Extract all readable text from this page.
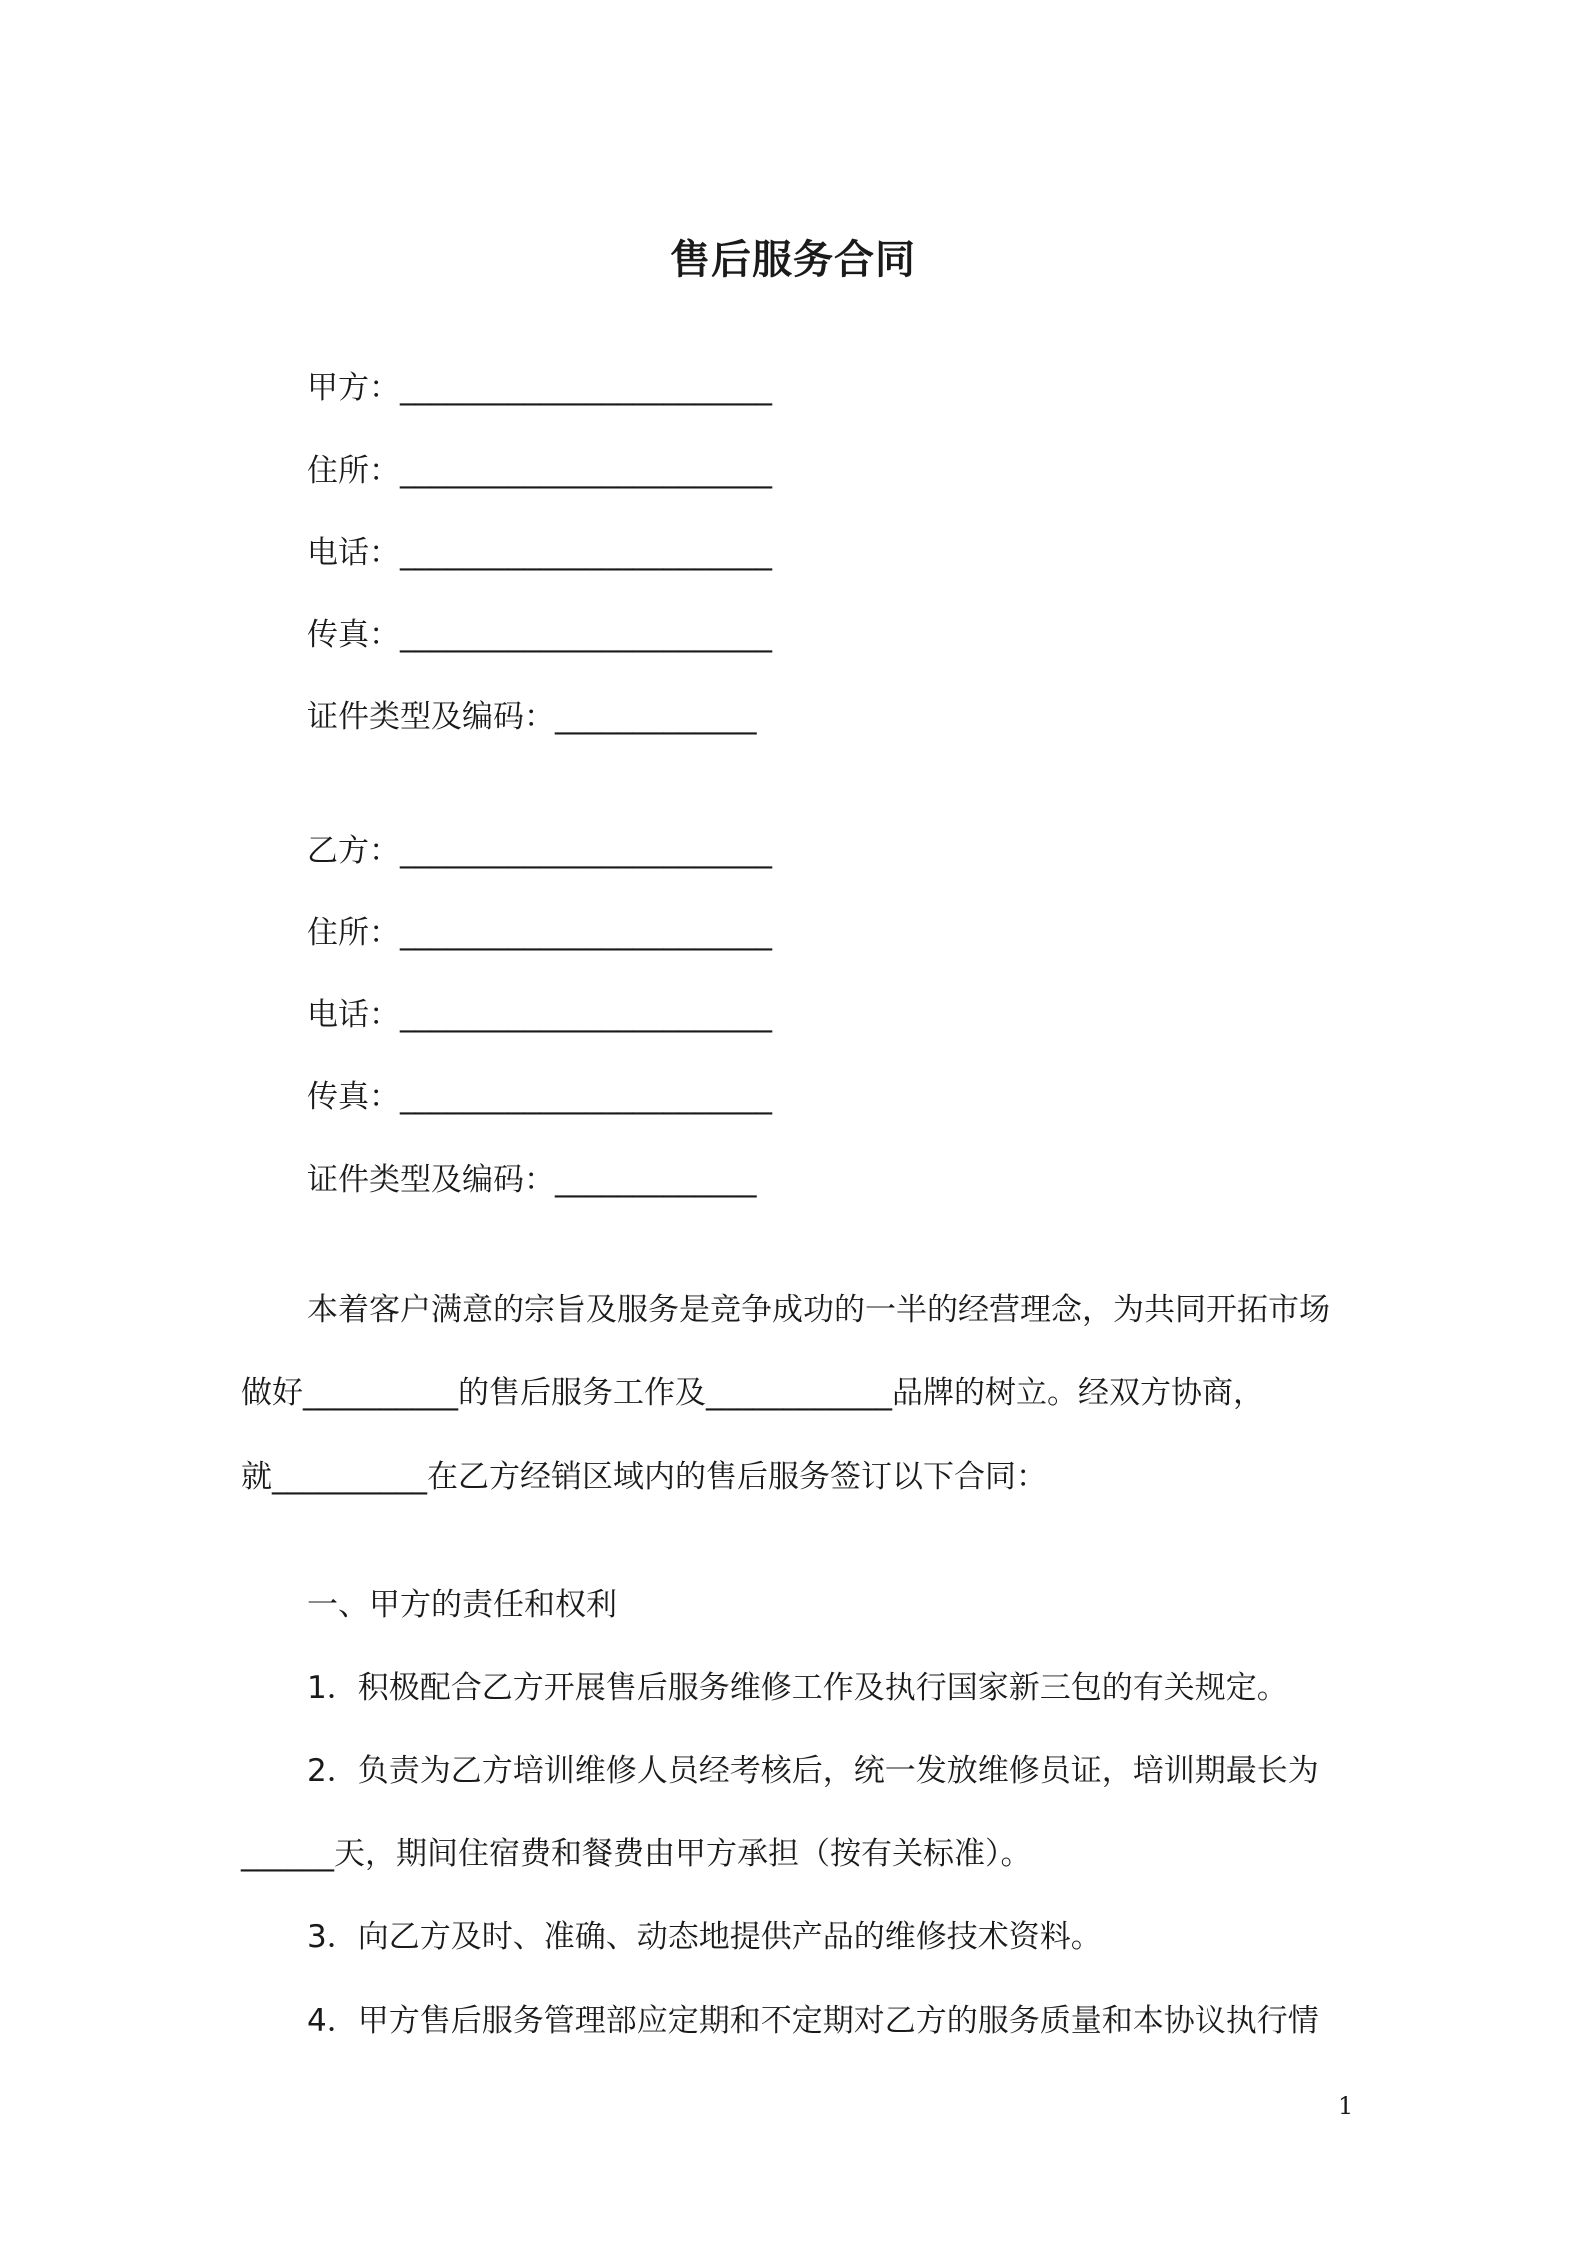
售后服务合同
甲方：________________________
住所：________________________
电话：________________________
传真：________________________
证件类型及编码：_____________
乙方：________________________
住所：________________________
电话：________________________
传真：________________________
证件类型及编码：_____________
本着客户满意的宗旨及服务是竞争成功的一半的经营理念，为共同开拓市场
做好__________的售后服务工作及____________品牌的树立。经双方协商，
就__________在乙方经销区域内的售后服务签订以下合同：
一、甲方的责任和权利
1．积极配合乙方开展售后服务维修工作及执行国家新三包的有关规定。
2．负责为乙方培训维修人员经考核后，统一发放维修员证，培训期最长为
______天，期间住宿费和餐费由甲方承担（按有关标准）。
3．向乙方及时、准确、动态地提供产品的维修技术资料。
4．甲方售后服务管理部应定期和不定期对乙方的服务质量和本协议执行情
1
